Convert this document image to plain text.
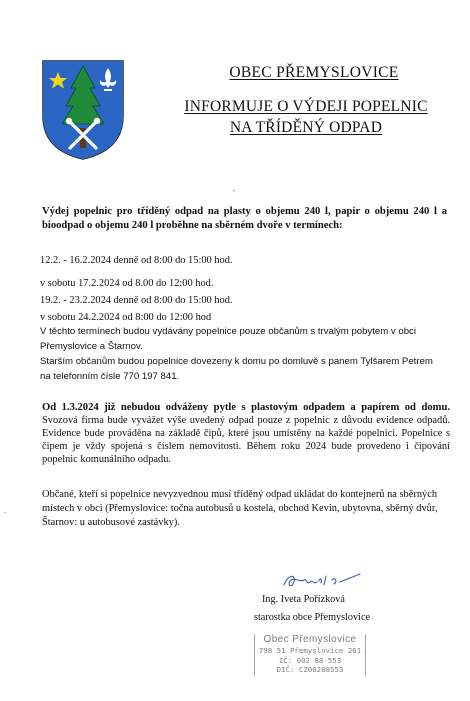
OBEC PŘEMYSLOVICE

INFORMUJE O VÝDEJI POPELNIC

NA TŘÍDĚNÝ ODPAD

•

Výdej popelnic pro tříděný odpad na plasty o objemu 240 l, papír o objemu 240 l a bioodpad o objemu 240 l proběhne na sběrném dvoře v termínech:

12.2. - 16.2.2024 denně od 8:00 do 15:00 hod.

v sobotu 17.2.2024 od 8.00 do 12:00 hod.

19.2. - 23.2.2024 denně od 8:00 do 15:00 hod.

v sobotu 24.2.2024 od 8:00 do 12:00 hod

V těchto termínech budou vydávány popelnice pouze občanům s trvalým pobytem v obci Přemyslovice a Štarnov.

Starším občanům budou popelnice dovezeny k domu po domluvě s panem Tylšarem Petrem na telefonním čísle 770 197 841.

Od 1.3.2024 již nebudou odváženy pytle s plastovým odpadem a papírem od domu. Svozová firma bude vyvážet výše uvedený odpad pouze z popelnic z důvodu evidence odpadů. Evidence bude prováděna na základě čipů, které jsou umístěny na každé popelnici. Popelnice s čipem je vždy spojená s číslem nemovitosti. Během roku 2024 bude provedeno i čipování popelnic komunálního odpadu.

Občané, kteří si popelnice nevyzvednou musí tříděný odpad ukládat do kontejnerů na sběrných místech v obci (Přemyslovice: točna autobusů u kostela, obchod Kevin, ubytovna, sběrný dvůr, Štarnov: u autobusové zastávky).

Ing. Iveta Pořízková

starostka obce Přemyslovice

Obec Přemyslovice

798 51 Přemyslovice 261

IČ: 002 88 553

DIČ: CZ00288553

-
